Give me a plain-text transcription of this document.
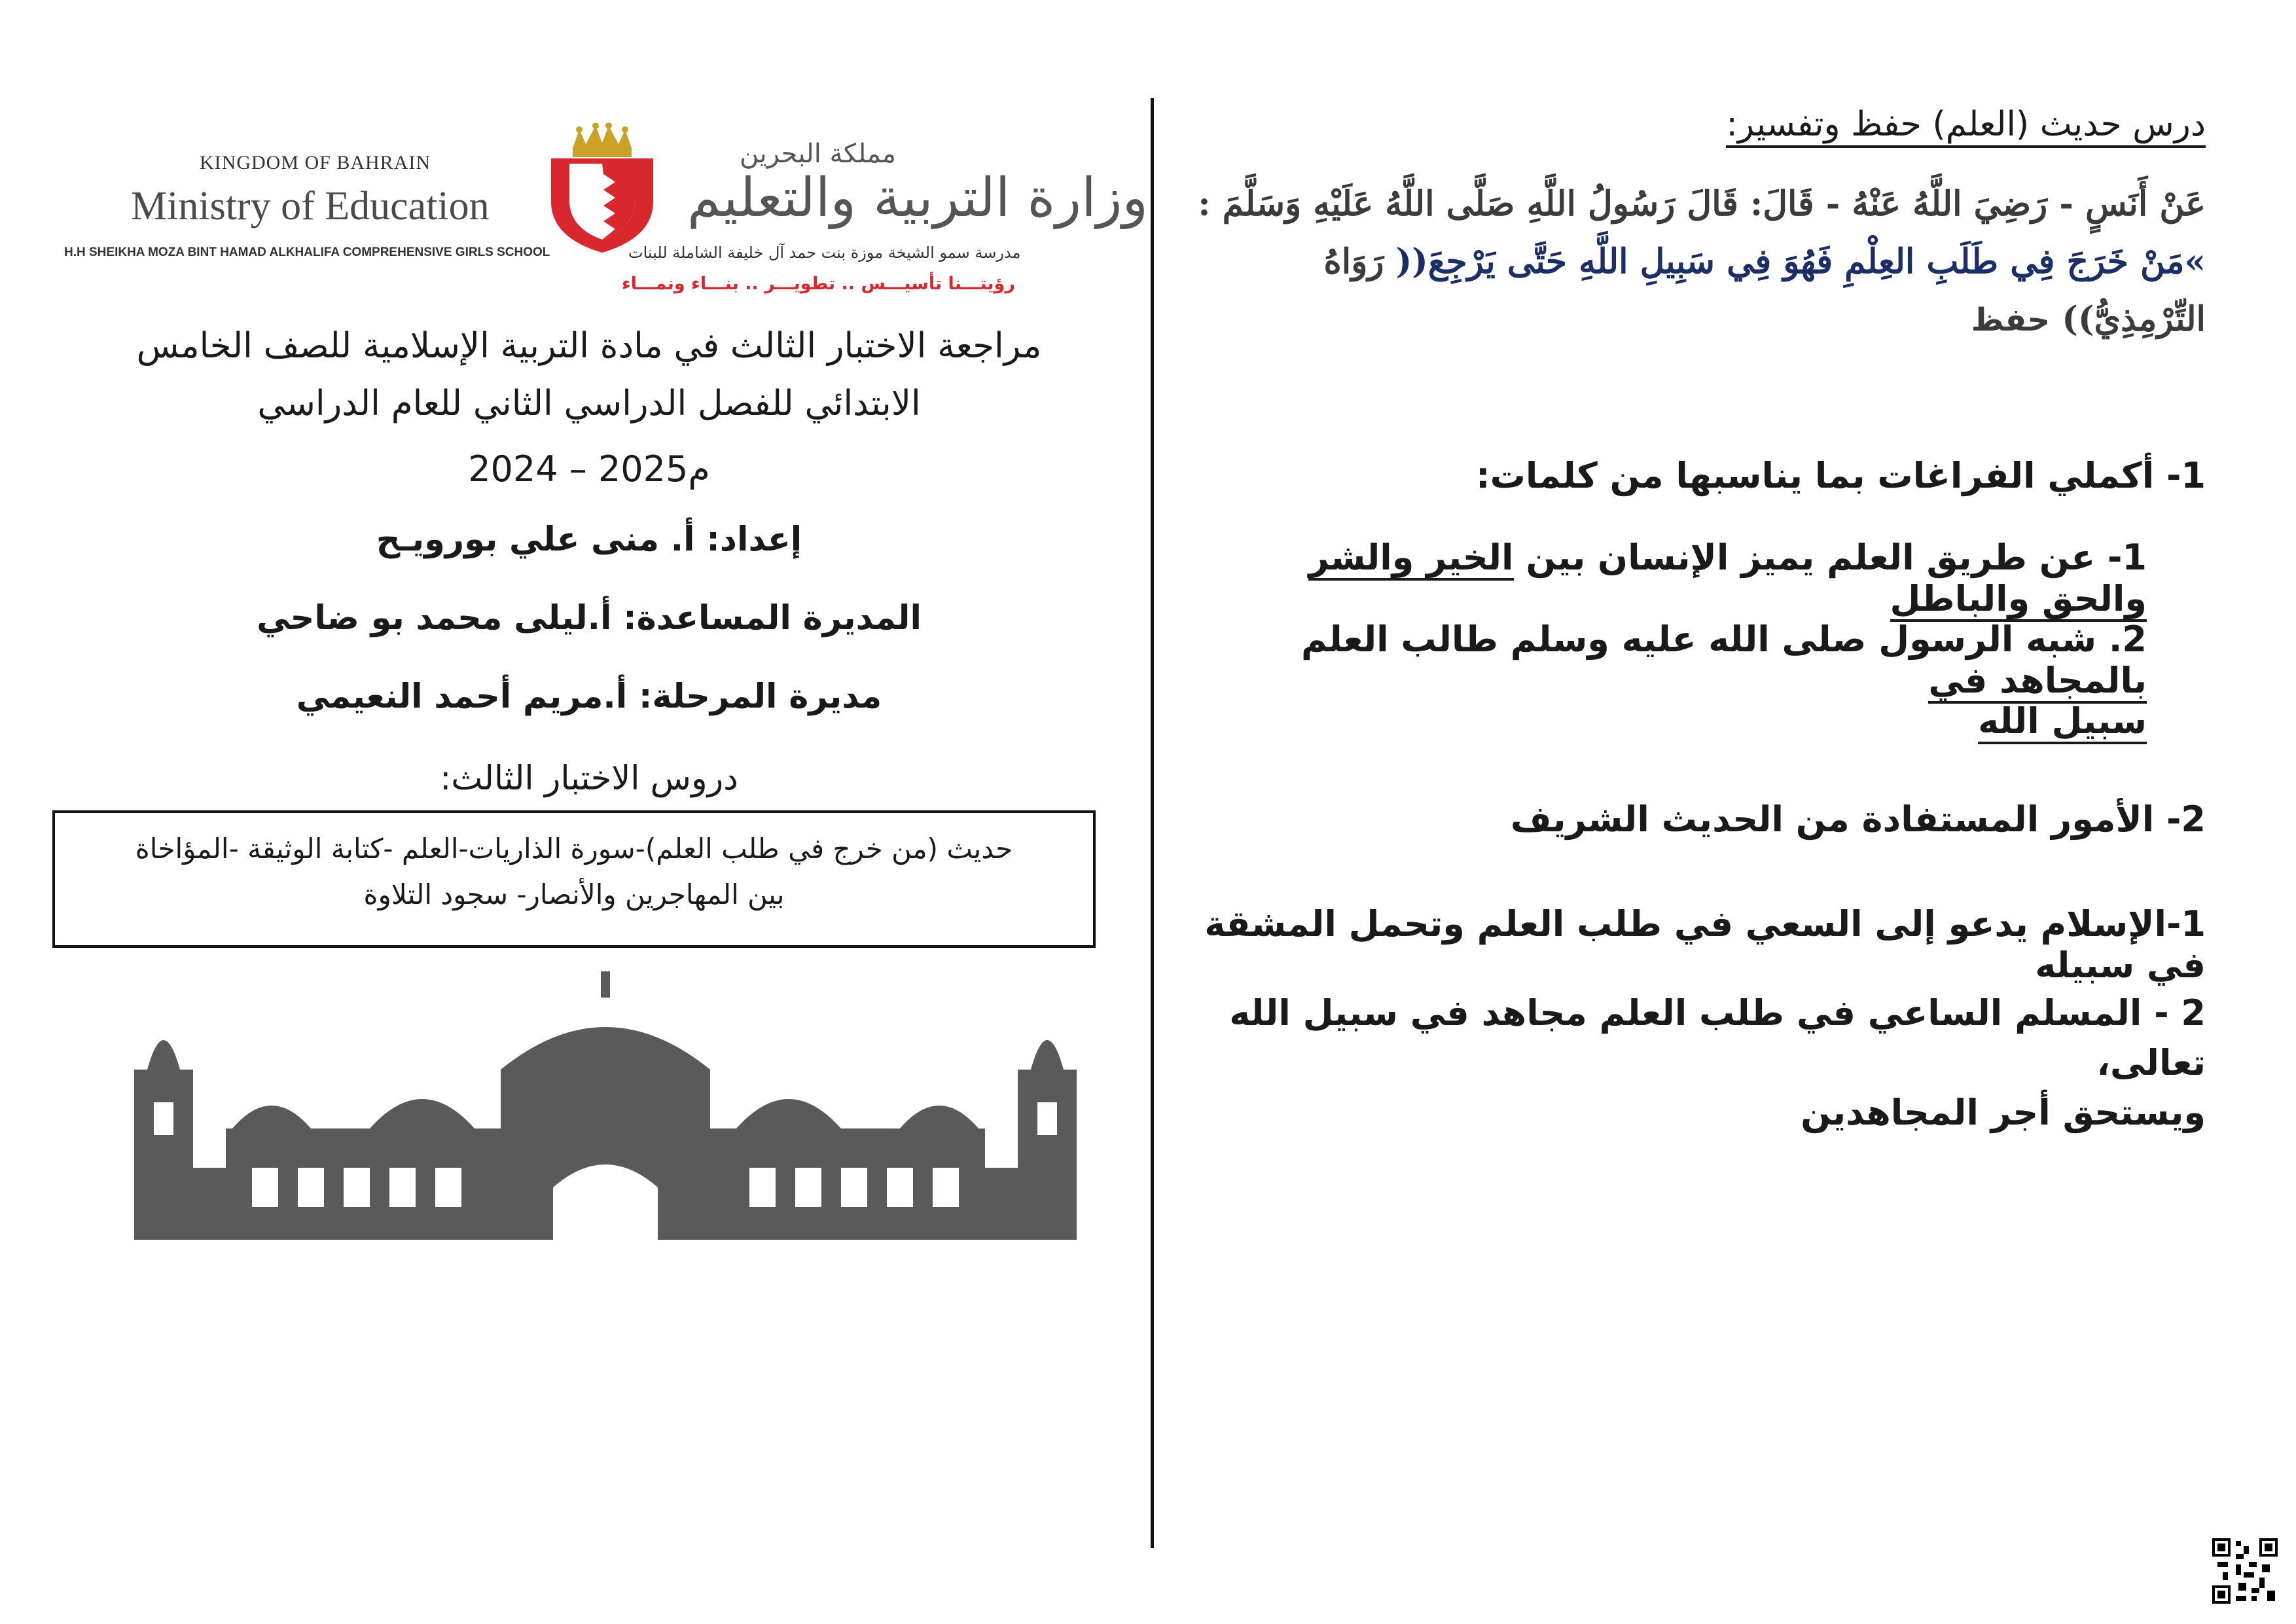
KINGDOM OF BAHRAIN
Ministry of Education
مملكة البحرين
وزارة التربية والتعليم
H.H SHEIKHA MOZA BINT HAMAD ALKHALIFA COMPREHENSIVE GIRLS SCHOOL	مدرسة سمو الشيخة موزة بنت حمد آل خليفة الشاملة للبنات
رؤيتـــنا تأسيـــس .. تطويـــر .. بنـــاء ونمـــاء
مراجعة الاختبار الثالث في مادة التربية الإسلامية للصف الخامس
الابتدائي للفصل الدراسي الثاني للعام الدراسي
2024 – 2025م
إعداد: أ. منى علي بورويـح
المديرة المساعدة: أ.ليلى محمد بو ضاحي
مديرة المرحلة: أ.مريم أحمد النعيمي
دروس الاختبار الثالث:
حديث (من خرج في طلب العلم)-سورة الذاريات-العلم -كتابة الوثيقة -المؤاخاة
بين المهاجرين والأنصار- سجود التلاوة
درس حديث (العلم) حفظ وتفسير:
عَنْ أَنَسٍ - رَضِيَ اللَّهُ عَنْهُ - قَالَ: قَالَ رَسُولُ اللَّهِ صَلَّى اللَّهُ عَلَيْهِ وَسَلَّمَ :
»مَنْ خَرَجَ فِي طَلَبِ العِلْمِ فَهُوَ فِي سَبِيلِ اللَّهِ حَتَّى يَرْجِعَ(( رَوَاهُ
التِّرْمِذِيُّ)) حفظ
1- أكملي الفراغات بما يناسبها من كلمات:
1- عن طريق العلم يميز الإنسان بين الخير والشر والحق والباطل
2. شبه الرسول صلى الله عليه وسلم طالب العلم بالمجاهد في
سبيل الله
2- الأمور المستفادة من الحديث الشريف
1-الإسلام يدعو إلى السعي في طلب العلم وتحمل المشقة في سبيله
2 - المسلم الساعي في طلب العلم مجاهد في سبيل الله تعالى،
ويستحق أجر المجاهدين
